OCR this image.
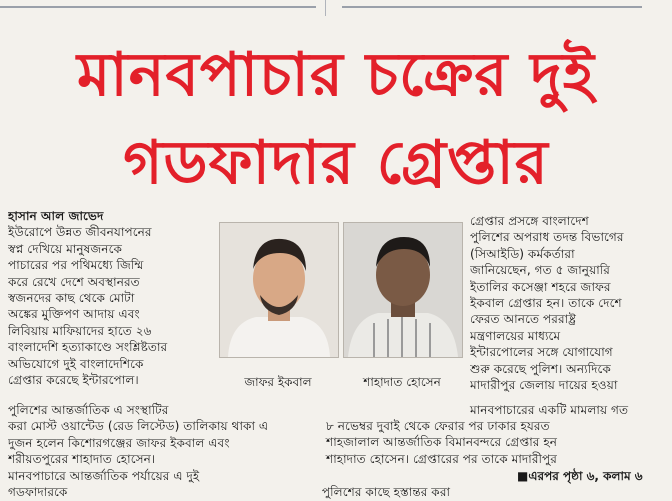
মানবপাচার চক্রের দুই
গডফাদার গ্রেপ্তার

হাসান আল জাভেদ

ইউরোপে উন্নত জীবনযাপনের

স্বপ্ন দেখিয়ে মানুষজনকে

পাচারের পর পথিমধ্যে জিম্মি

করে রেখে দেশে অবস্থানরত

স্বজনদের কাছ থেকে মোটা

অঙ্কের মুক্তিপণ আদায় এবং

লিবিয়ায় মাফিয়াদের হাতে ২৬

বাংলাদেশি হত্যাকাণ্ডে সংশ্লিষ্টতার

অভিযোগে দুই বাংলাদেশিকে

গ্রেপ্তার করেছে ইন্টারপোল।	জাফর ইকবাল	শাহাদাত হোসেন

গ্রেপ্তার প্রসঙ্গে বাংলাদেশ

পুলিশের অপরাধ তদন্ত বিভাগের

(সিআইডি) কর্মকর্তারা

জানিয়েছেন, গত ৫ জানুয়ারি

ইতালির কসেঞ্জা শহরে জাফর

ইকবাল গ্রেপ্তার হন। তাকে দেশে

ফেরত আনতে পররাষ্ট্র

মন্ত্রণালয়ের মাধ্যমে

ইন্টারপোলের সঙ্গে যোগাযোগ

শুরু করেছে পুলিশ। অন্যদিকে

মাদারীপুর জেলায় দায়ের হওয়া

পুলিশের আন্তর্জাতিক এ সংস্থাটির	মানবপাচারের একটি মামলায় গত

করা মোস্ট ওয়ান্টেড (রেড লিস্টেড) তালিকায় থাকা এ

দুজন হলেন কিশোরগঞ্জের জাফর ইকবাল এবং

শরীয়তপুরের শাহাদাত হোসেন।

৮ নভেম্বর দুবাই থেকে ফেরার পর ঢাকার হযরত

শাহজালাল আন্তর্জাতিক বিমানবন্দরে গ্রেপ্তার হন

শাহাদাত হোসেন। গ্রেপ্তারের পর তাকে মাদারীপুর

মানবপাচারে আন্তর্জাতিক পর্যায়ের এ দুই গডফাদারকে

	পুলিশের কাছে হস্তান্তর করা

■এরপর পৃষ্ঠা ৬, কলাম ৬
